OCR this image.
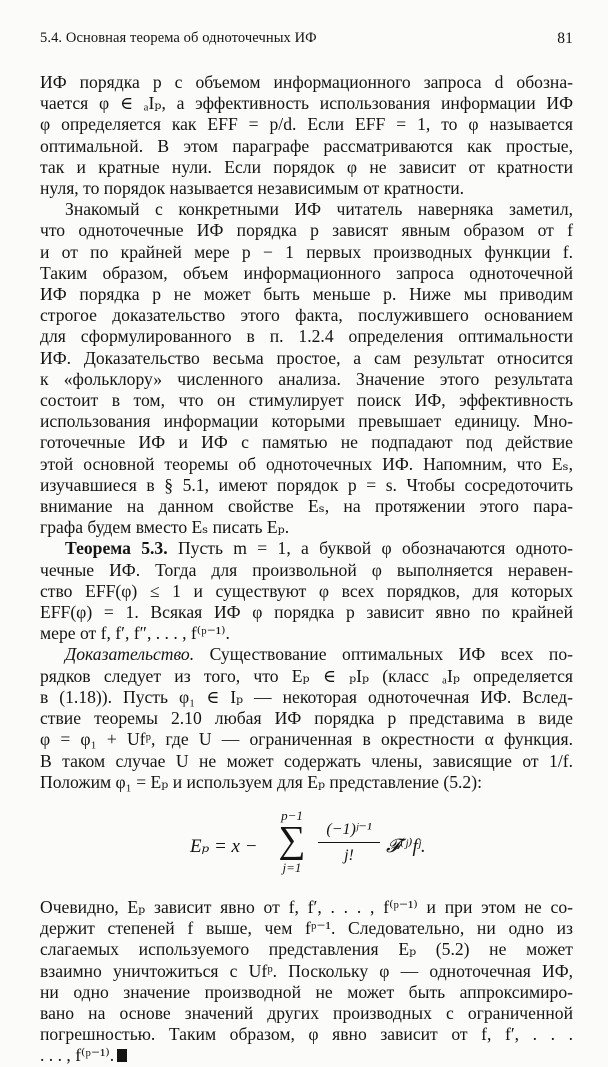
5.4. Основная теорема об одноточечных ИФ	81

ИФ порядка p с объемом информационного запроса d обозна-

чается φ ∈ ₐIₚ, а эффективность использования информации ИФ

φ определяется как EFF = p/d. Если EFF = 1, то φ называется

оптимальной. В этом параграфе рассматриваются как простые,

так и кратные нули. Если порядок φ не зависит от кратности

нуля, то порядок называется независимым от кратности.

Знакомый с конкретными ИФ читатель наверняка заметил,

что одноточечные ИФ порядка p зависят явным образом от f

и от по крайней мере p − 1 первых производных функции f.

Таким образом, объем информационного запроса одноточечной

ИФ порядка p не может быть меньше p. Ниже мы приводим

строгое доказательство этого факта, послужившего основанием

для сформулированного в п. 1.2.4 определения оптимальности

ИФ. Доказательство весьма простое, а сам результат относится

к «фольклору» численного анализа. Значение этого результата

состоит в том, что он стимулирует поиск ИФ, эффективность

использования информации которыми превышает единицу. Мно-

готочечные ИФ и ИФ с памятью не подпадают под действие

этой основной теоремы об одноточечных ИФ. Напомним, что Eₛ,

изучавшиеся в § 5.1, имеют порядок p = s. Чтобы сосредоточить

внимание на данном свойстве Eₛ, на протяжении этого пара-

графа будем вместо Eₛ писать Eₚ.

Теорема 5.3. Пусть m = 1, а буквой φ обозначаются одното-

чечные ИФ. Тогда для произвольной φ выполняется неравен-

ство EFF(φ) ≤ 1 и существуют φ всех порядков, для которых

EFF(φ) = 1. Всякая ИФ φ порядка p зависит явно по крайней

мере от f, f′, f″, . . . , f⁽ᵖ⁻¹⁾.

Доказательство. Существование оптимальных ИФ всех по-

рядков следует из того, что Eₚ ∈ ₚIₚ (класс ₐIₚ определяется

в (1.18)). Пусть φ₁ ∈ Iₚ — некоторая одноточечная ИФ. Вслед-

ствие теоремы 2.10 любая ИФ порядка p представима в виде

φ = φ₁ + Ufᵖ, где U — ограниченная в окрестности α функция.

В таком случае U не может содержать члены, зависящие от 1/f.

Положим φ₁ = Eₚ и используем для Eₚ представление (5.2):

Eₚ = x −
p−1
∑
j=1
$\frac{\text{(−1)ʲ⁻¹}}{j!}$ 𝓕⁽ʲ⁾fʲ.

Очевидно, Eₚ зависит явно от f, f′, . . . , f⁽ᵖ⁻¹⁾ и при этом не со-

держит степеней f выше, чем fᵖ⁻¹. Следовательно, ни одно из

слагаемых используемого представления Eₚ (5.2) не может

взаимно уничтожиться с Ufᵖ. Поскольку φ — одноточечная ИФ,

ни одно значение производной не может быть аппроксимиро-

вано на основе значений других производных с ограниченной

погрешностью. Таким образом, φ явно зависит от f, f′, . . .

. . . , f⁽ᵖ⁻¹⁾.
